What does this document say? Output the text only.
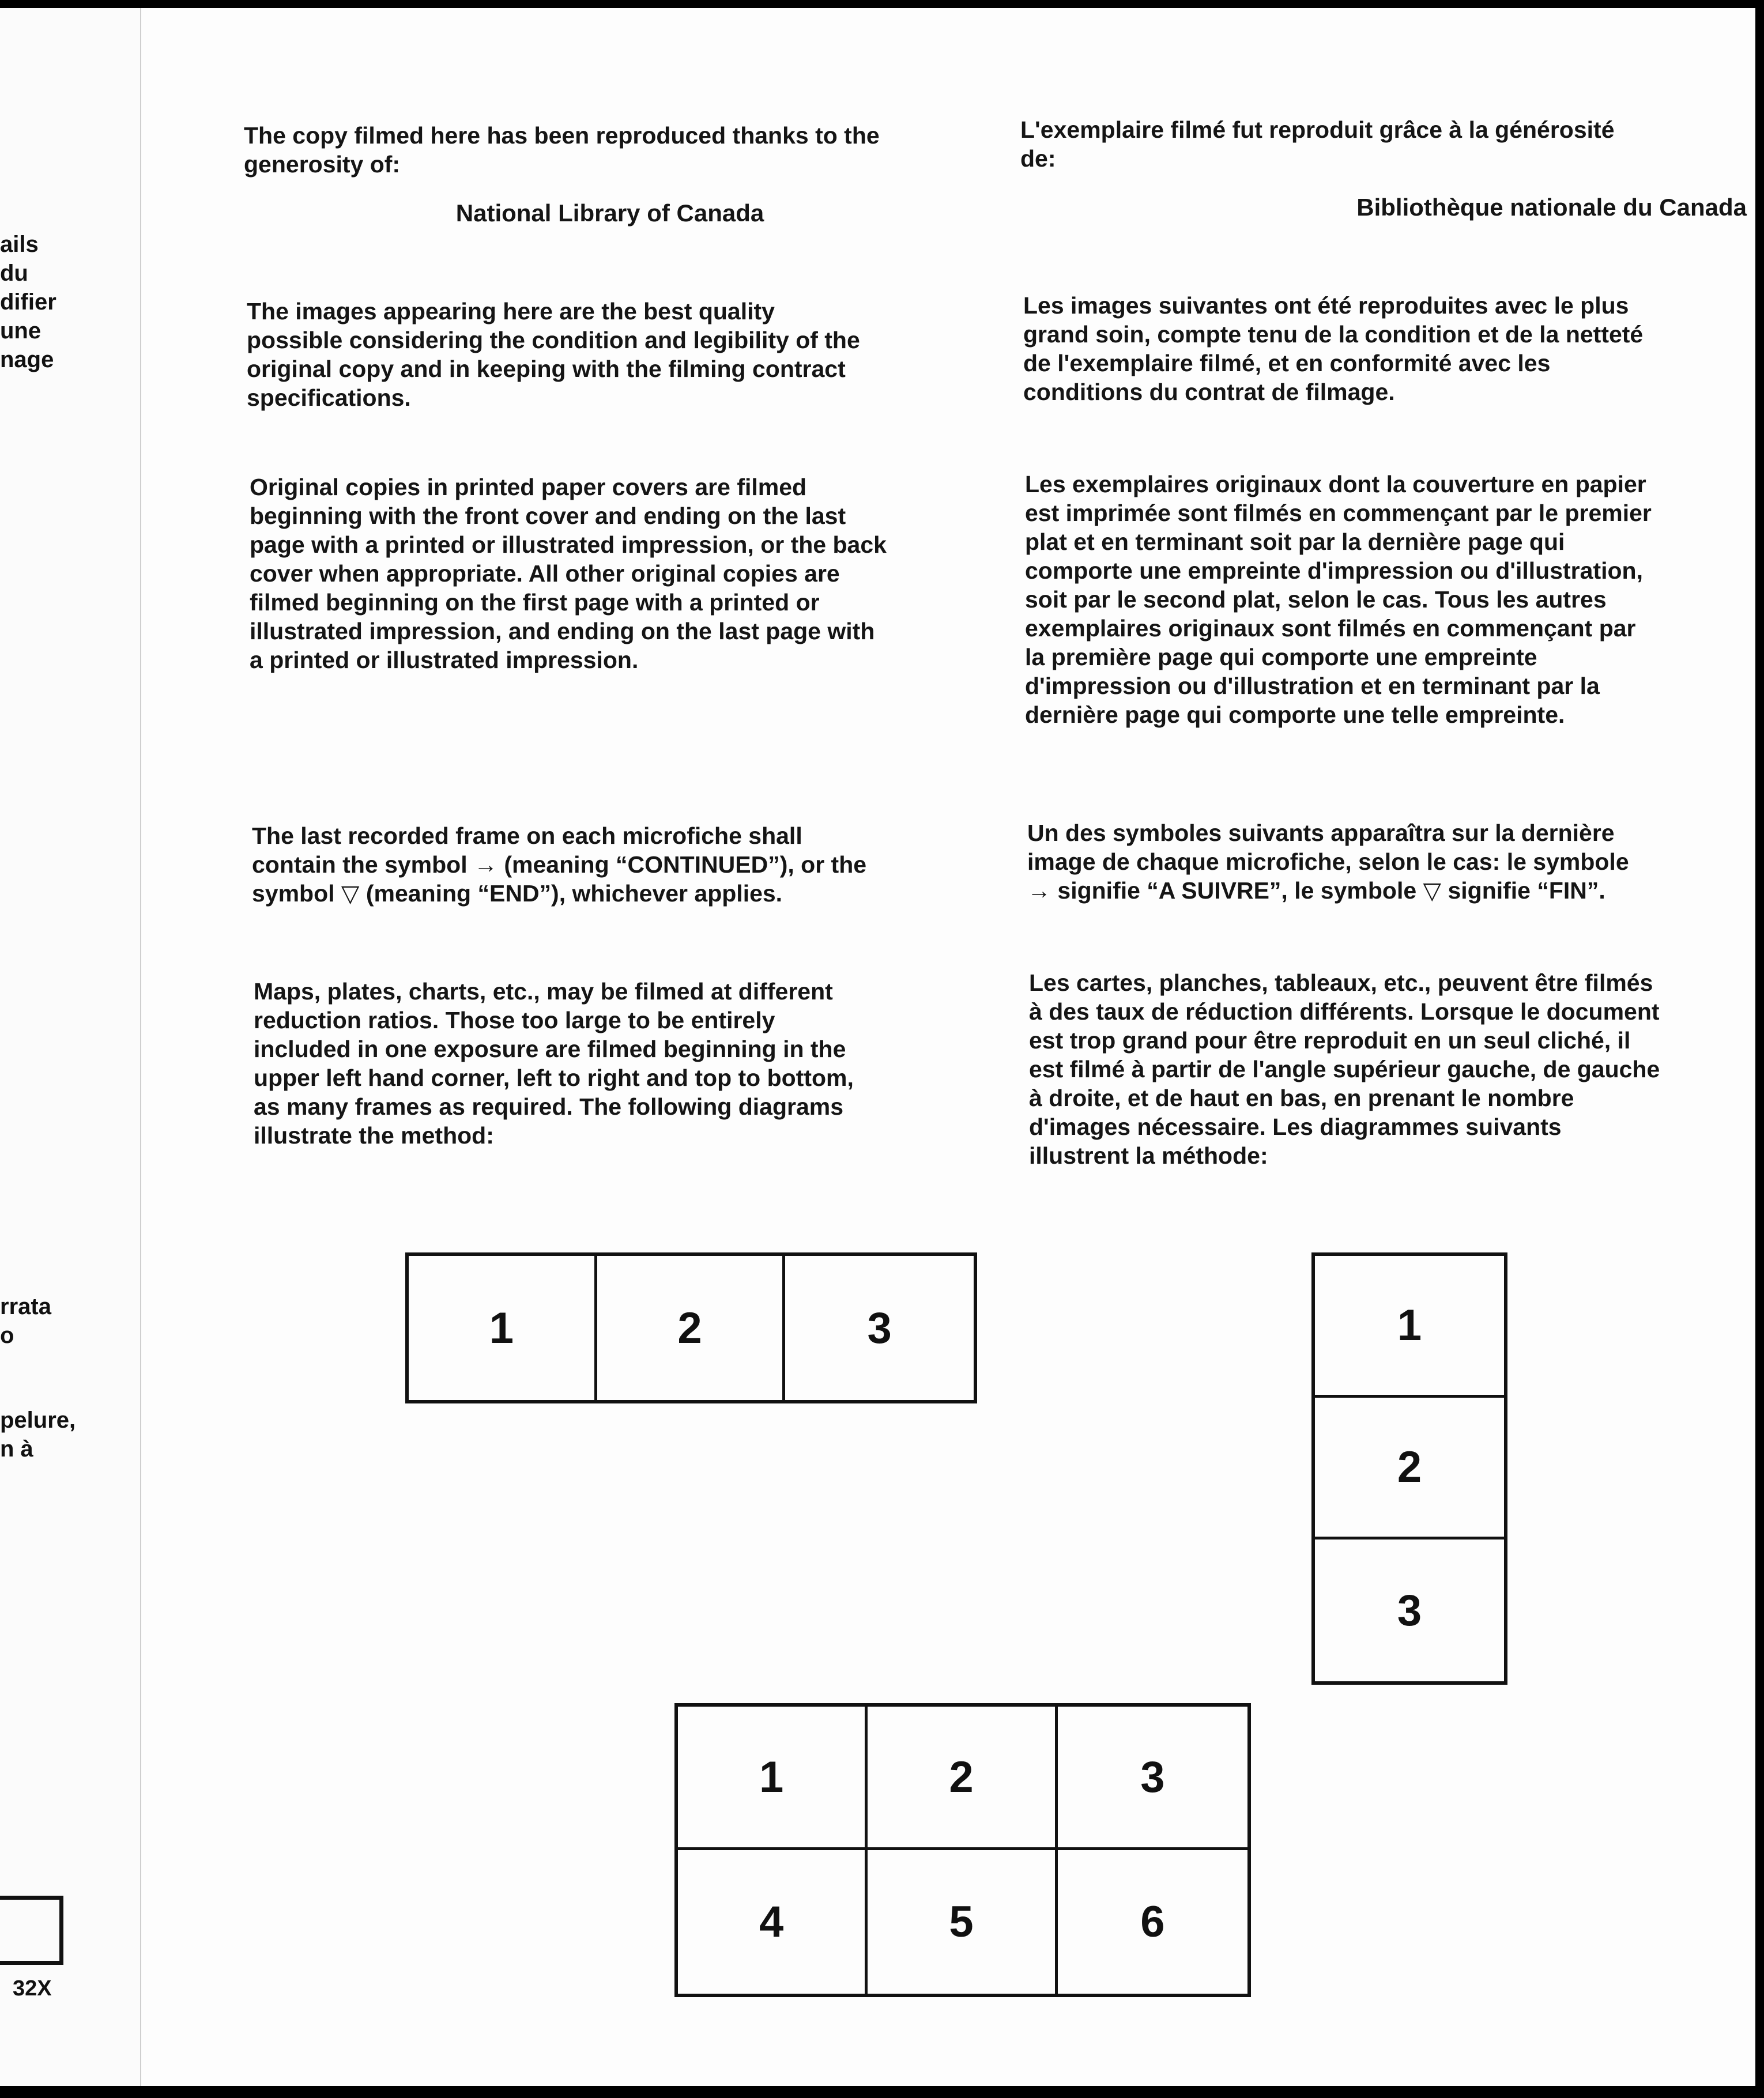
ails
du
difier
une
nage
rrata
o
pelure,
n à
32X

The copy filmed here has been reproduced thanks to the generosity of:

National Library of Canada

The images appearing here are the best quality possible considering the condition and legibility of the original copy and in keeping with the filming contract specifications.

Original copies in printed paper covers are filmed beginning with the front cover and ending on the last page with a printed or illustrated impression, or the back cover when appropriate. All other original copies are filmed beginning on the first page with a printed or illustrated impression, and ending on the last page with a printed or illustrated impression.

The last recorded frame on each microfiche shall contain the symbol → (meaning “CONTINUED”), or the symbol ▽ (meaning “END”), whichever applies.

Maps, plates, charts, etc., may be filmed at different reduction ratios. Those too large to be entirely included in one exposure are filmed beginning in the upper left hand corner, left to right and top to bottom, as many frames as required. The following diagrams illustrate the method:

L'exemplaire filmé fut reproduit grâce à la générosité de:

Bibliothèque nationale du Canada

Les images suivantes ont été reproduites avec le plus grand soin, compte tenu de la condition et de la netteté de l'exemplaire filmé, et en conformité avec les conditions du contrat de filmage.

Les exemplaires originaux dont la couverture en papier est imprimée sont filmés en commençant par le premier plat et en terminant soit par la dernière page qui comporte une empreinte d'impression ou d'illustration, soit par le second plat, selon le cas. Tous les autres exemplaires originaux sont filmés en commençant par la première page qui comporte une empreinte d'impression ou d'illustration et en terminant par la dernière page qui comporte une telle empreinte.

Un des symboles suivants apparaîtra sur la dernière image de chaque microfiche, selon le cas: le symbole → signifie “A SUIVRE”, le symbole ▽ signifie “FIN”.

Les cartes, planches, tableaux, etc., peuvent être filmés à des taux de réduction différents. Lorsque le document est trop grand pour être reproduit en un seul cliché, il est filmé à partir de l'angle supérieur gauche, de gauche à droite, et de haut en bas, en prenant le nombre d'images nécessaire. Les diagrammes suivants illustrent la méthode:

1	2	3	1
2
3
1	2	3
4	5	6
